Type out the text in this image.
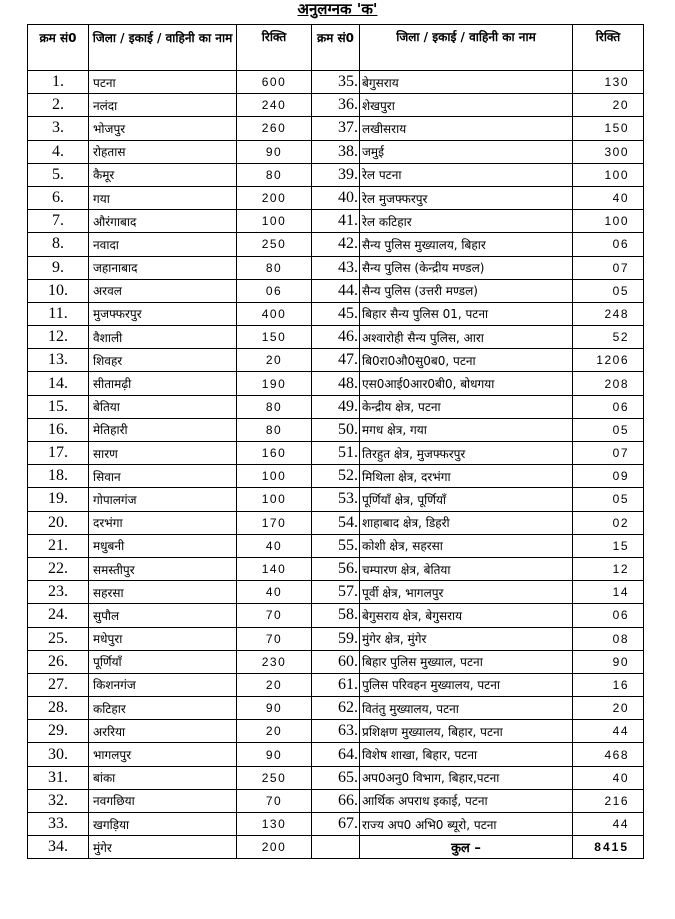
अनुलग्नक 'क'
क्रम सं0	जिला / इकाई / वाहिनी का नाम	रिक्ति	क्रम सं0	जिला / इकाई / वाहिनी का नाम	रिक्ति
1.	पटना	600	35.	बेगुसराय	130
2.	नलंदा	240	36.	शेखपुरा	20
3.	भोजपुर	260	37.	लखीसराय	150
4.	रोहतास	90	38.	जमुई	300
5.	कैमूर	80	39.	रेल पटना	100
6.	गया	200	40.	रेल मुजफ्फरपुर	40
7.	औरंगाबाद	100	41.	रेल कटिहार	100
8.	नवादा	250	42.	सैन्य पुलिस मुख्यालय, बिहार	06
9.	जहानाबाद	80	43.	सैन्य पुलिस (केन्द्रीय मण्डल)	07
10.	अरवल	06	44.	सैन्य पुलिस (उत्तरी मण्डल)	05
11.	मुजफ्फरपुर	400	45.	बिहार सैन्य पुलिस 01, पटना	248
12.	वैशाली	150	46.	अश्वारोही सैन्य पुलिस, आरा	52
13.	शिवहर	20	47.	बि0रा0औ0सु0ब0, पटना	1206
14.	सीतामढ़ी	190	48.	एस0आई0आर0बी0, बोधगया	208
15.	बेतिया	80	49.	केन्द्रीय क्षेत्र, पटना	06
16.	मेतिहारी	80	50.	मगध क्षेत्र, गया	05
17.	सारण	160	51.	तिरहुत क्षेत्र, मुजफ्फरपुर	07
18.	सिवान	100	52.	मिथिला क्षेत्र, दरभंगा	09
19.	गोपालगंज	100	53.	पूर्णियाँ क्षेत्र, पूर्णियाँ	05
20.	दरभंगा	170	54.	शाहाबाद क्षेत्र, डिहरी	02
21.	मधुबनी	40	55.	कोशी क्षेत्र, सहरसा	15
22.	समस्तीपुर	140	56.	चम्पारण क्षेत्र, बेतिया	12
23.	सहरसा	40	57.	पूर्वी क्षेत्र, भागलपुर	14
24.	सुपौल	70	58.	बेगुसराय क्षेत्र, बेगुसराय	06
25.	मधेपुरा	70	59.	मुंगेर क्षेत्र, मुंगेर	08
26.	पूर्णियाँ	230	60.	बिहार पुलिस मुख्याल, पटना	90
27.	किशनगंज	20	61.	पुलिस परिवहन मुख्यालय, पटना	16
28.	कटिहार	90	62.	वितंतु मुख्यालय, पटना	20
29.	अररिया	20	63.	प्रशिक्षण मुख्यालय, बिहार, पटना	44
30.	भागलपुर	90	64.	विशेष शाखा, बिहार, पटना	468
31.	बांका	250	65.	अप0अनु0 विभाग, बिहार,पटना	40
32.	नवगछिया	70	66.	आर्थिक अपराध इकाई, पटना	216
33.	खगड़िया	130	67.	राज्य अप0 अभि0 ब्यूरो, पटना	44
34.	मुंगेर	200		कुल –	8415
